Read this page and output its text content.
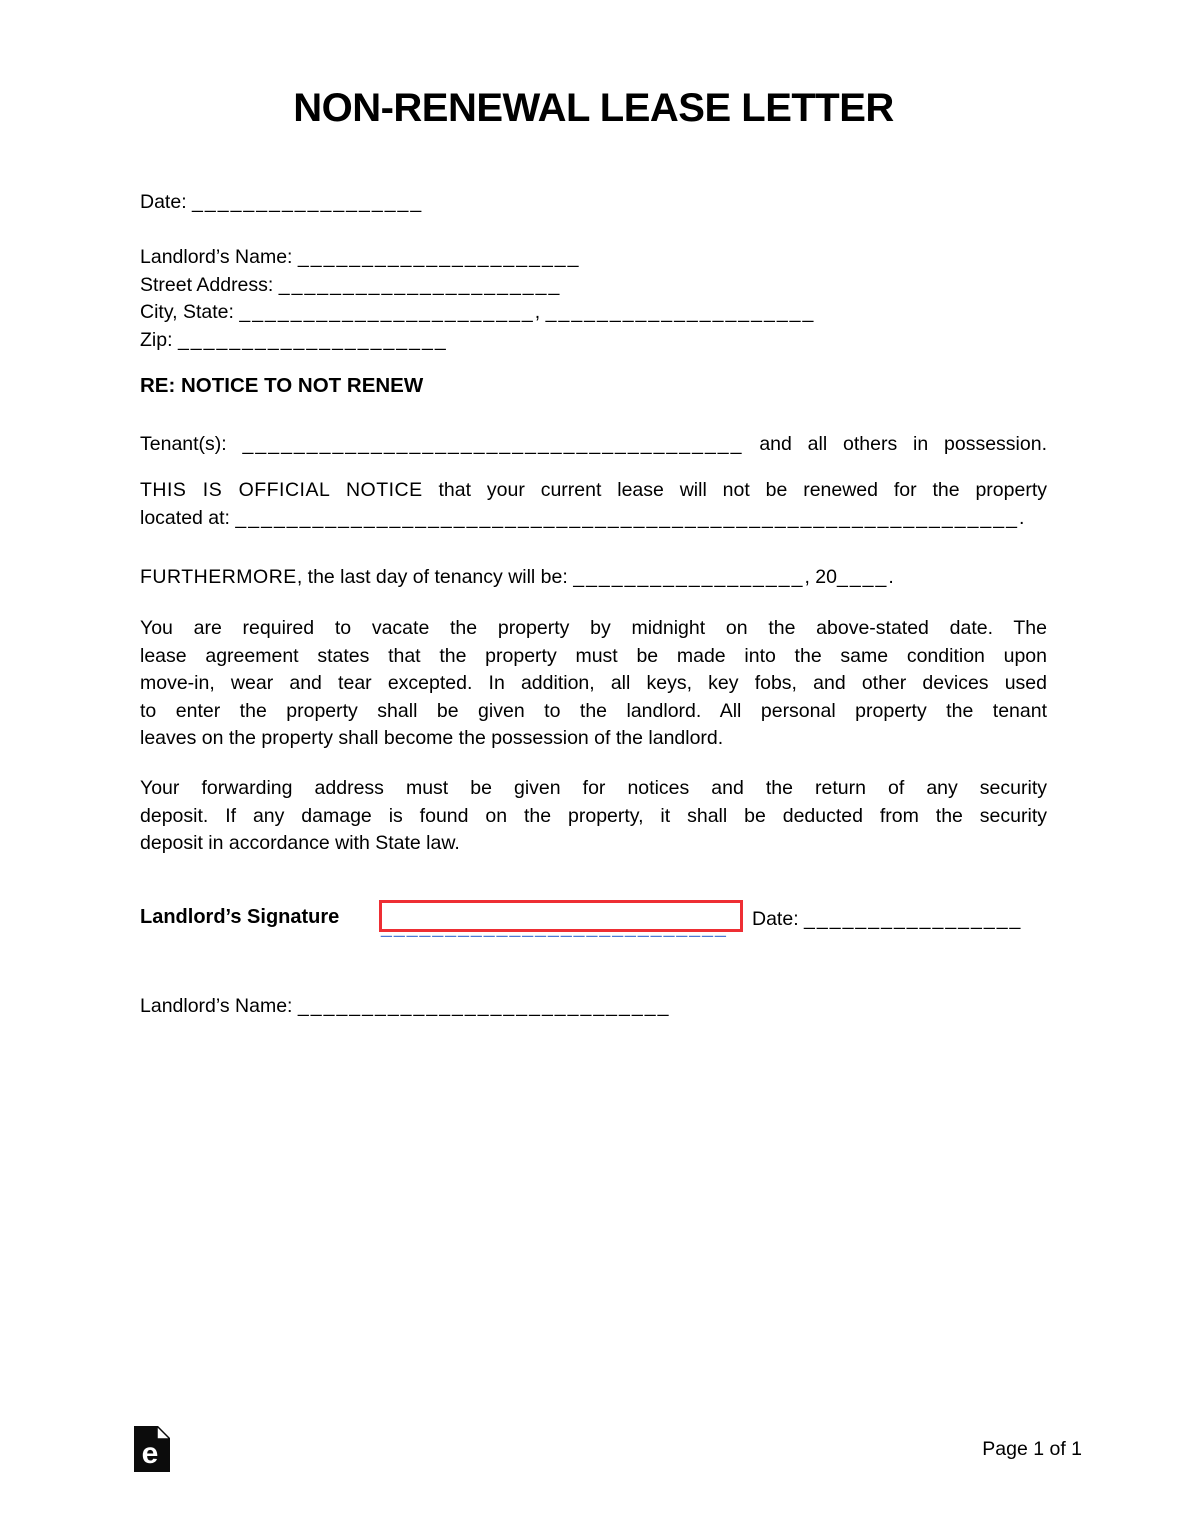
NON-RENEWAL LEASE LETTER
Date: __________________
Landlord’s Name: ______________________
Street Address: ______________________
City, State: _______________________, _____________________
Zip: _____________________
RE: NOTICE TO NOT RENEW
Tenant(s): _______________________________________ and all others in possession.
THIS IS OFFICIAL NOTICE that your current lease will not be renewed for the property
located at: _____________________________________________________________.
FURTHERMORE, the last day of tenancy will be: __________________, 20____.
You are required to vacate the property by midnight on the above-stated date. The
lease agreement states that the property must be made into the same condition upon
move-in, wear and tear excepted. In addition, all keys, key fobs, and other devices used
to enter the property shall be given to the landlord. All personal property the tenant
leaves on the property shall become the possession of the landlord.
Your forwarding address must be given for notices and the return of any security
deposit. If any damage is found on the property, it shall be deducted from the security
deposit in accordance with State law.
Landlord’s Signature ___________________________ Date: _________________
Landlord’s Name: _____________________________
e	Page 1 of 1
